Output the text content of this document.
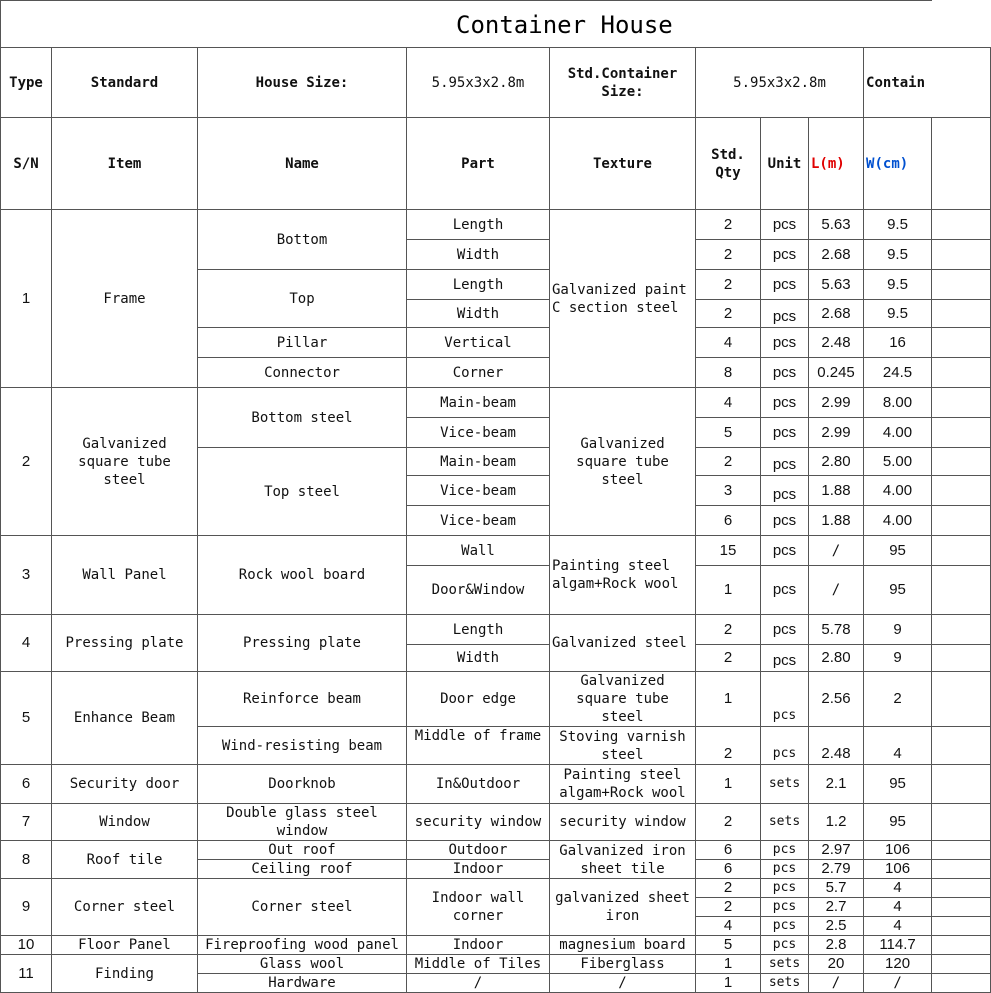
Container House
Type	Standard	House Size:	5.95x3x2.8m	Std.Container Size:	5.95x3x2.8m			Contain	
S/N	Item	Name	Part	Texture	Std. Qty	Unit	L(m)	W(cm)	
1	Frame	Bottom	Length	Galvanized paint C section steel	2	pcs	5.63	9.5	
			Width		2	pcs	2.68	9.5	
		Top	Length		2	pcs	5.63	9.5	
			Width		2	pcs	2.68	9.5	
		Pillar	Vertical		4	pcs	2.48	16	
		Connector	Corner		8	pcs	0.245	24.5	
2	Galvanized square tube steel	Bottom steel	Main-beam	Galvanized square tube steel	4	pcs	2.99	8.00	
			Vice-beam		5	pcs	2.99	4.00	
		Top steel	Main-beam		2	pcs	2.80	5.00	
			Vice-beam		3	pcs	1.88	4.00	
			Vice-beam		6	pcs	1.88	4.00	
3	Wall Panel	Rock wool board	Wall	Painting steel algam+Rock wool	15	pcs	/	95	
			Door&Window		1	pcs	/	95	
4	Pressing plate	Pressing plate	Length	Galvanized steel	2	pcs	5.78	9	
			Width		2	pcs	2.80	9	
5	Enhance Beam	Reinforce beam	Door edge	Galvanized square tube steel	1	pcs	2.56	2	
		Wind-resisting beam	Middle of frame	Stoving varnish steel	2	pcs	2.48	4	
6	Security door	Doorknob	In&Outdoor	Painting steel algam+Rock wool	1	sets	2.1	95	
7	Window	Double glass steel window	security window	security window	2	sets	1.2	95	
8	Roof tile	Out roof	Outdoor	Galvanized iron sheet tile	6	pcs	2.97	106	
		Ceiling roof	Indoor		6	pcs	2.79	106	
9	Corner steel	Corner steel	Indoor wall corner	galvanized sheet iron	2	pcs	5.7	4	
					2	pcs	2.7	4	
					4	pcs	2.5	4	
10	Floor Panel	Fireproofing wood panel	Indoor	magnesium board	5	pcs	2.8	114.7	
11	Finding	Glass wool	Middle of Tiles	Fiberglass	1	sets	20	120	
		Hardware	/	/	1	sets	/	/	
